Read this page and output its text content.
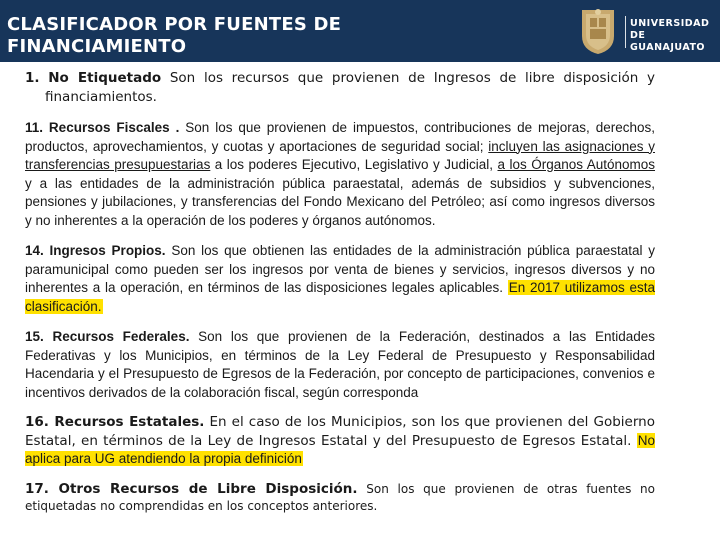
CLASIFICADOR POR FUENTES DE FINANCIAMIENTO
UNIVERSIDAD DE
GUANAJUATO

1. No Etiquetado Son los recursos que provienen de Ingresos de libre disposición y financiamientos.

11. Recursos Fiscales . Son los que provienen de impuestos, contribuciones de mejoras, derechos, productos, aprovechamientos, y cuotas y aportaciones de seguridad social; incluyen las asignaciones y transferencias presupuestarias a los poderes Ejecutivo, Legislativo y Judicial, a los Órganos Autónomos y a las entidades de la administración pública paraestatal, además de subsidios y subvenciones, pensiones y jubilaciones, y transferencias del Fondo Mexicano del Petróleo; así como ingresos diversos y no inherentes a la operación de los poderes y órganos autónomos.

14. Ingresos Propios. Son los que obtienen las entidades de la administración pública paraestatal y paramunicipal como pueden ser los ingresos por venta de bienes y servicios, ingresos diversos y no inherentes a la operación, en términos de las disposiciones legales aplicables. En 2017 utilizamos esta clasificación.

15. Recursos Federales. Son los que provienen de la Federación, destinados a las Entidades Federativas y los Municipios, en términos de la Ley Federal de Presupuesto y Responsabilidad Hacendaria y el Presupuesto de Egresos de la Federación, por concepto de participaciones, convenios e incentivos derivados de la colaboración fiscal, según corresponda

16. Recursos Estatales. En el caso de los Municipios, son los que provienen del Gobierno Estatal, en términos de la Ley de Ingresos Estatal y del Presupuesto de Egresos Estatal. No aplica para UG atendiendo la propia definición

17. Otros Recursos de Libre Disposición. Son los que provienen de otras fuentes no etiquetadas no comprendidas en los conceptos anteriores.
